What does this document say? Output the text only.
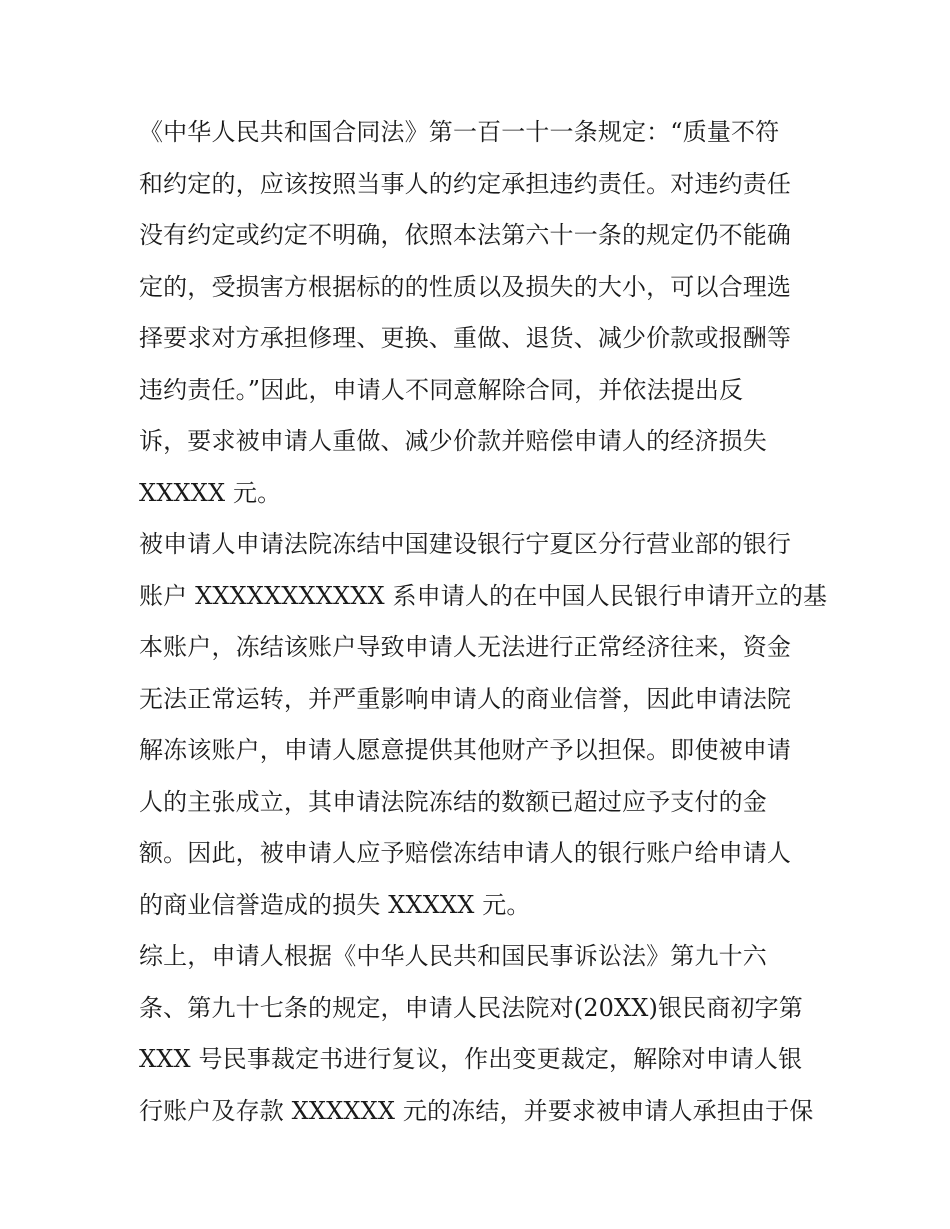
《中华人民共和国合同法》第一百一十一条规定：“质量不符
和约定的，应该按照当事人的约定承担违约责任。对违约责任
没有约定或约定不明确，依照本法第六十一条的规定仍不能确
定的，受损害方根据标的的性质以及损失的大小，可以合理选
择要求对方承担修理、更换、重做、退货、减少价款或报酬等
违约责任。”因此，申请人不同意解除合同，并依法提出反
诉，要求被申请人重做、减少价款并赔偿申请人的经济损失
XXXXX 元。
被申请人申请法院冻结中国建设银行宁夏区分行营业部的银行
账户 XXXXXXXXXXX 系申请人的在中国人民银行申请开立的基
本账户，冻结该账户导致申请人无法进行正常经济往来，资金
无法正常运转，并严重影响申请人的商业信誉，因此申请法院
解冻该账户，申请人愿意提供其他财产予以担保。即使被申请
人的主张成立，其申请法院冻结的数额已超过应予支付的金
额。因此，被申请人应予赔偿冻结申请人的银行账户给申请人
的商业信誉造成的损失 XXXXX 元。
综上，申请人根据《中华人民共和国民事诉讼法》第九十六
条、第九十七条的规定，申请人民法院对(20XX)银民商初字第
XXX 号民事裁定书进行复议，作出变更裁定，解除对申请人银
行账户及存款 XXXXXX 元的冻结，并要求被申请人承担由于保
